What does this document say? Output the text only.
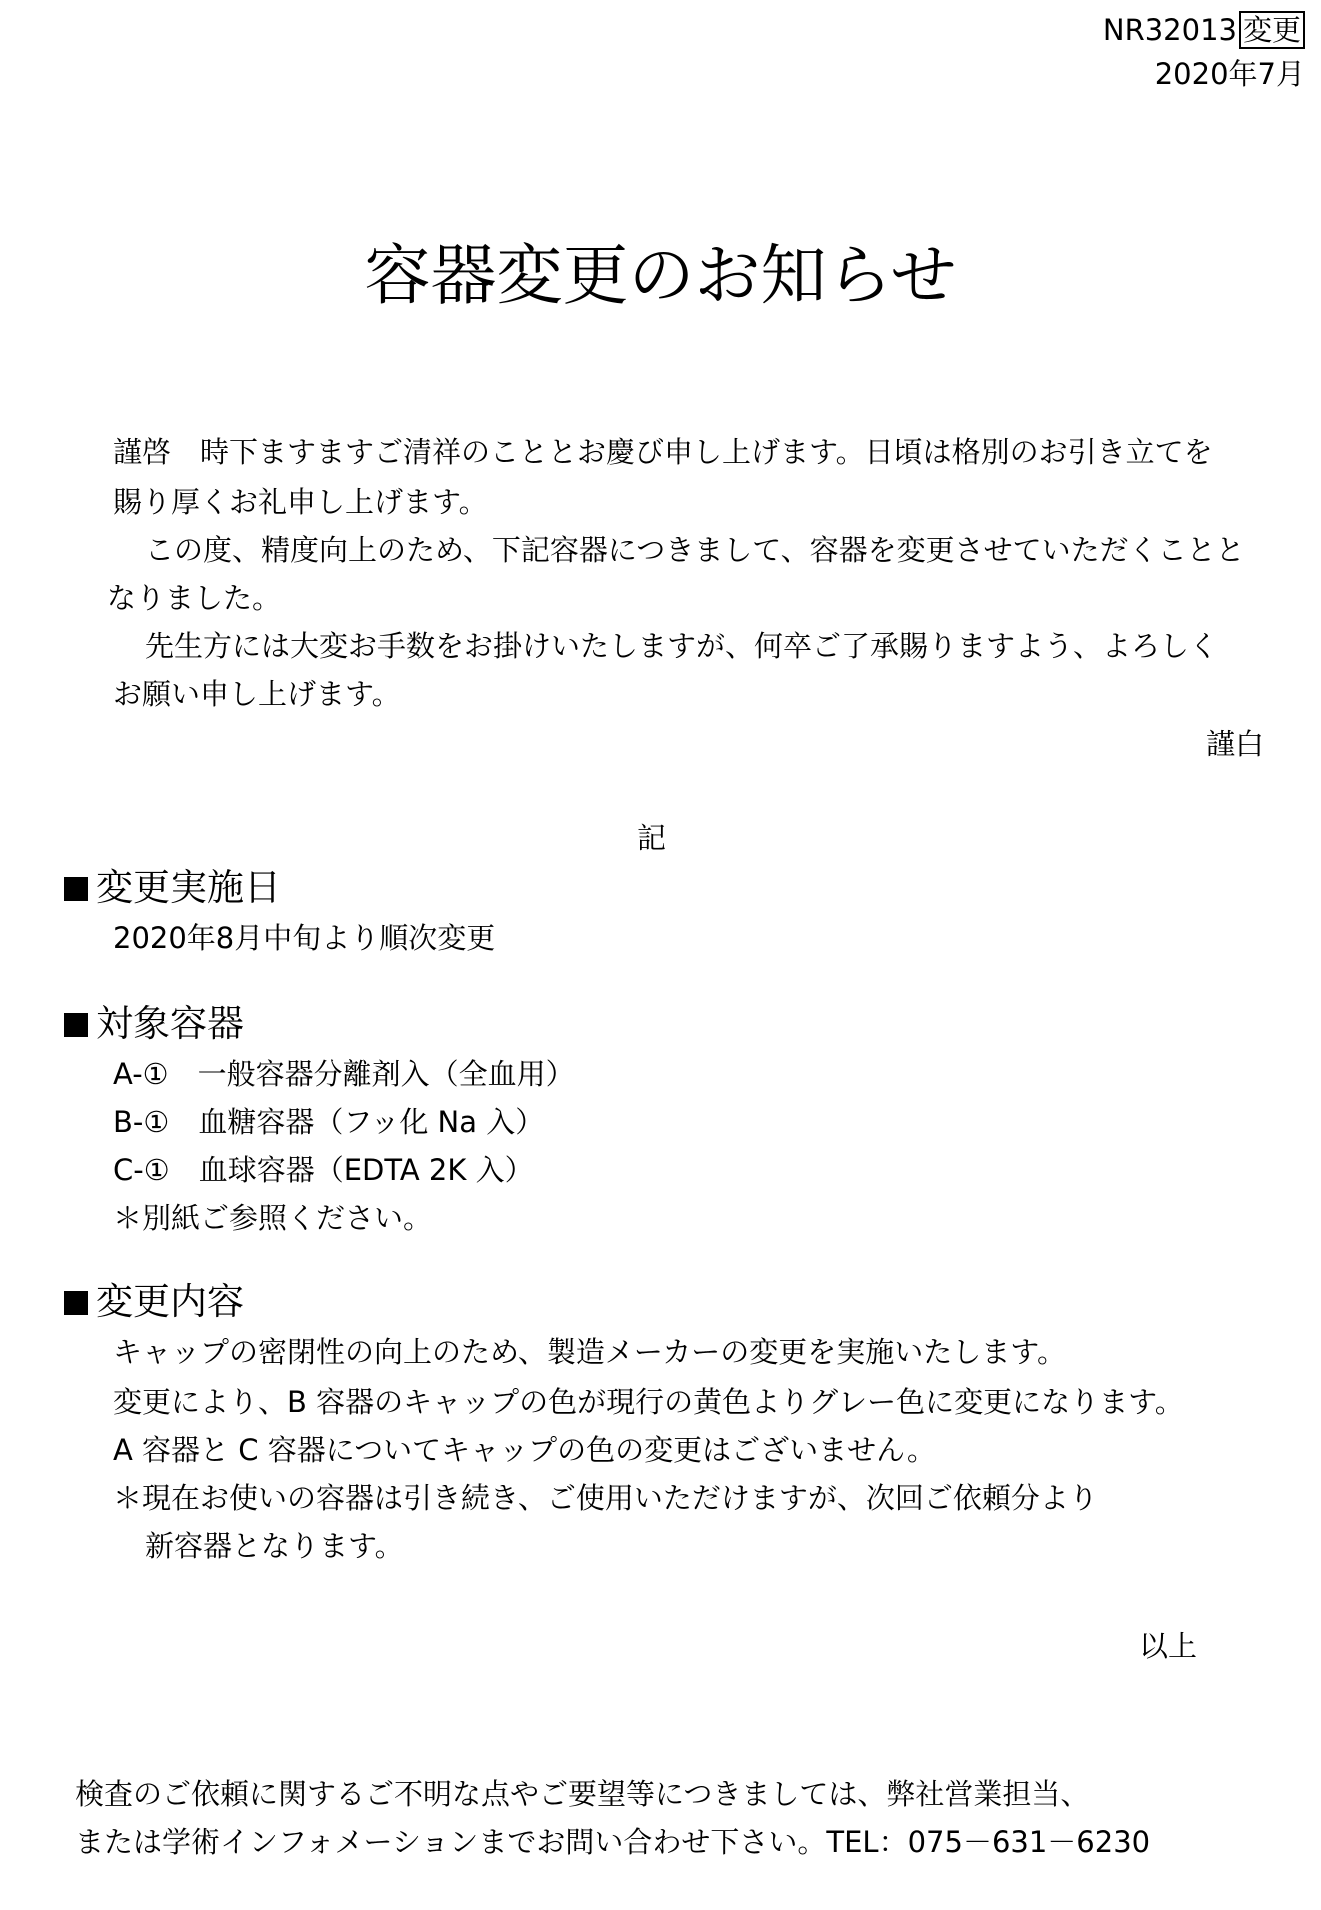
NR32013 変更
2020年7月
容器変更のお知らせ
謹啓　時下ますますご清祥のこととお慶び申し上げます。日頃は格別のお引き立てを
賜り厚くお礼申し上げます。
この度、精度向上のため、下記容器につきまして、容器を変更させていただくことと
なりました。
先生方には大変お手数をお掛けいたしますが、何卒ご了承賜りますよう、よろしく
お願い申し上げます。
謹白
記
変更実施日
2020年8月中旬より順次変更
対象容器
A-①　一般容器分離剤入（全血用）
B-①　血糖容器（フッ化 Na 入）
C-①　血球容器（EDTA 2K 入）
＊別紙ご参照ください。
変更内容
キャップの密閉性の向上のため、製造メーカーの変更を実施いたします。
変更により、B 容器のキャップの色が現行の黄色よりグレー色に変更になります。
A 容器と C 容器についてキャップの色の変更はございません。
＊現在お使いの容器は引き続き、ご使用いただけますが、次回ご依頼分より
新容器となります。
以上
検査のご依頼に関するご不明な点やご要望等につきましては、弊社営業担当、
または学術インフォメーションまでお問い合わせ下さい。TEL：075－631－6230
